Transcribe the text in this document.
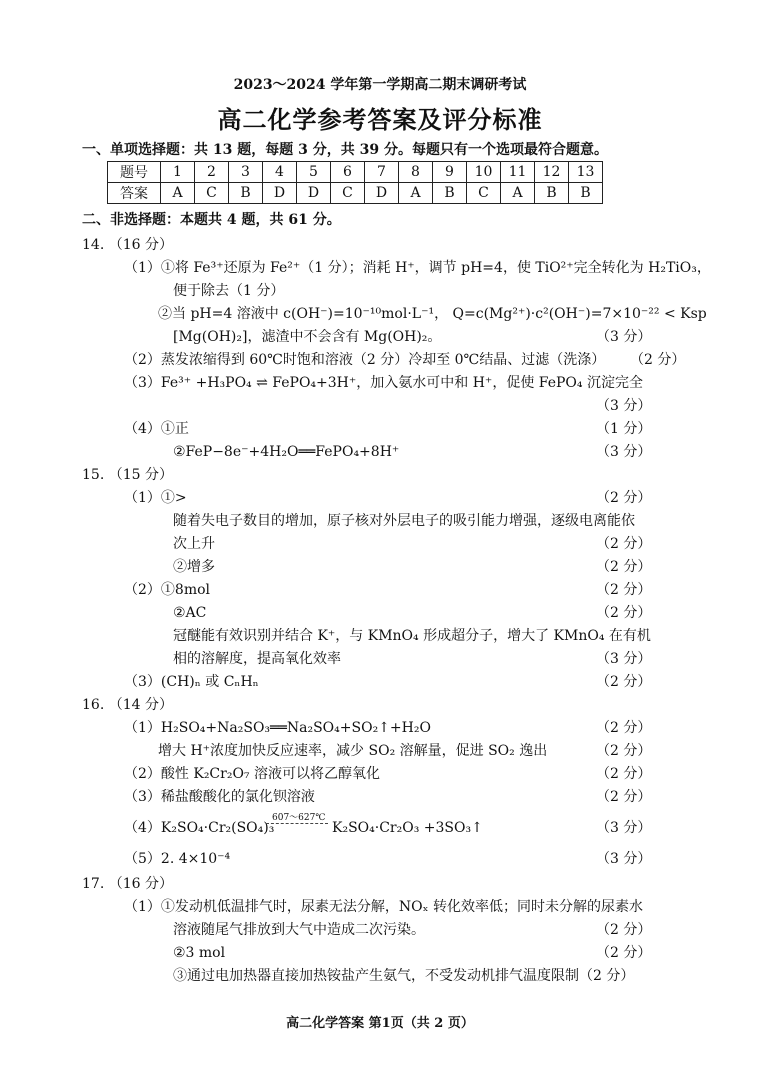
2023～2024 学年第一学期高二期末调研考试
高二化学参考答案及评分标准
一、单项选择题：共 13 题，每题 3 分，共 39 分。每题只有一个选项最符合题意。
题号	1	2	3	4	5	6	7	8	9	10	11	12	13
答案	A	C	B	D	D	C	D	A	B	C	A	B	B
二、非选择题：本题共 4 题，共 61 分。
14. （16 分）
（1）①将 Fe³⁺还原为 Fe²⁺（1 分）；消耗 H⁺，调节 pH=4，使 TiO²⁺完全转化为 H₂TiO₃，
便于除去（1 分）
②当 pH=4 溶液中 c(OH⁻)=10⁻¹⁰mol·L⁻¹， Q=c(Mg²⁺)·c²(OH⁻)=7×10⁻²² < Ksp
[Mg(OH)₂]，滤渣中不会含有 Mg(OH)₂。	（3 分）
（2）蒸发浓缩得到 60℃时饱和溶液（2 分）冷却至 0℃结晶、过滤（洗涤） （2 分）
（3）Fe³⁺ +H₃PO₄ ⇌ FePO₄+3H⁺，加入氨水可中和 H⁺，促使 FePO₄ 沉淀完全
（3 分）
（4）①正	（1 分）
②FeP−8e⁻+4H₂O══FePO₄+8H⁺	（3 分）
15. （15 分）
（1）①>	（2 分）
随着失电子数目的增加，原子核对外层电子的吸引能力增强，逐级电离能依
次上升	（2 分）
②增多	（2 分）
（2）①8mol	（2 分）
②AC	（2 分）
冠醚能有效识别并结合 K⁺，与 KMnO₄ 形成超分子，增大了 KMnO₄ 在有机
相的溶解度，提高氧化效率	（3 分）
（3）(CH)ₙ 或 CₙHₙ	（2 分）
16. （14 分）
（1）H₂SO₄+Na₂SO₃══Na₂SO₄+SO₂↑+H₂O	（2 分）
增大 H⁺浓度加快反应速率，减少 SO₂ 溶解量，促进 SO₂ 逸出	（2 分）
（2）酸性 K₂Cr₂O₇ 溶液可以将乙醇氧化	（2 分）
（3）稀盐酸酸化的氯化钡溶液	（2 分）
（4）K₂SO₄·Cr₂(SO₄)₃
607～627℃
K₂SO₄·Cr₂O₃ +3SO₃↑	（3 分）
（5）2. 4×10⁻⁴	（3 分）
17. （16 分）
（1）①发动机低温排气时，尿素无法分解，NOₓ 转化效率低；同时未分解的尿素水
溶液随尾气排放到大气中造成二次污染。	（2 分）
②3 mol	（2 分）
③通过电加热器直接加热铵盐产生氨气，不受发动机排气温度限制（2 分）
高二化学答案 第1页（共 2 页）
